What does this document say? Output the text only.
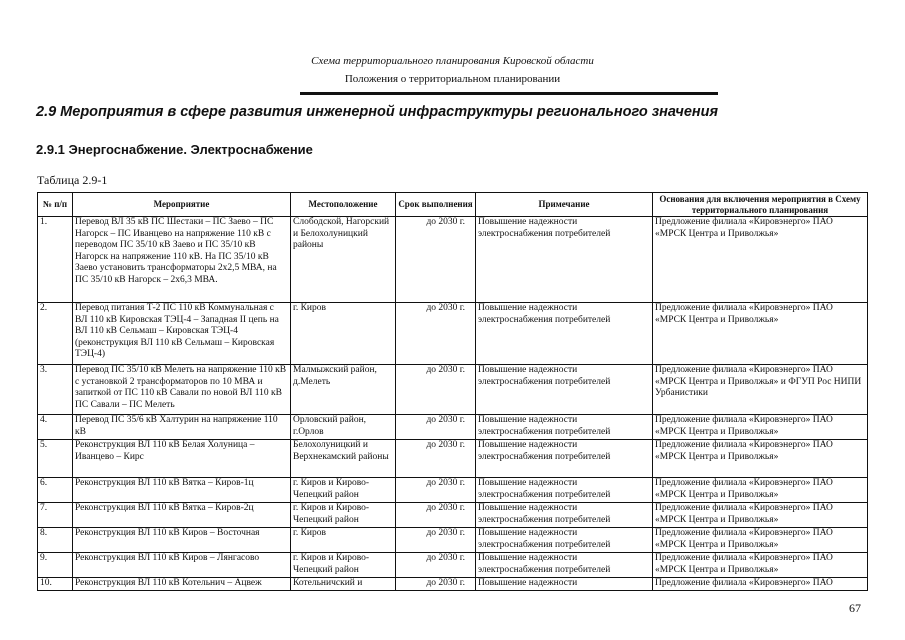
Схема территориального планирования Кировской области
Положения о территориальном планировании
2.9 Мероприятия в сфере развития инженерной инфраструктуры регионального значения
2.9.1 Энергоснабжение. Электроснабжение
Таблица 2.9-1
№ п/п	Мероприятие	Местоположение	Срок выполнения	Примечание	Основания для включения мероприятия в Схему территориального планирования
1.	Перевод ВЛ 35 кВ ПС Шестаки – ПС Заево – ПС Нагорск – ПС Иванцево на напряжение 110 кВ с переводом ПС 35/10 кВ Заево и ПС 35/10 кВ Нагорск на напряжение 110 кВ. На ПС 35/10 кВ Заево установить трансформаторы 2х2,5 МВА, на ПС 35/10 кВ Нагорск – 2х6,3 МВА.	Слободской, Нагорский и Белохолуницкий районы	до 2030 г.	Повышение надежности электроснабжения потребителей	Предложение филиала «Кировэнерго» ПАО «МРСК Центра и Приволжья»
2.	Перевод питания Т-2 ПС 110 кВ Коммунальная с ВЛ 110 кВ Кировская ТЭЦ-4 – Западная II цепь на ВЛ 110 кВ Сельмаш – Кировская ТЭЦ-4 (реконструкция ВЛ 110 кВ Сельмаш – Кировская ТЭЦ-4)	г. Киров	до 2030 г.	Повышение надежности электроснабжения потребителей	Предложение филиала «Кировэнерго» ПАО «МРСК Центра и Приволжья»
3.	Перевод ПС 35/10 кВ Мелеть на напряжение 110 кВ с установкой 2 трансформаторов по 10 МВА и запиткой от ПС 110 кВ Савали по новой ВЛ 110 кВ ПС Савали – ПС Мелеть	Малмыжский район, д.Мелеть	до 2030 г.	Повышение надежности электроснабжения потребителей	Предложение филиала «Кировэнерго» ПАО «МРСК Центра и Приволжья» и ФГУП Рос НИПИ Урбанистики
4.	Перевод ПС 35/6 кВ Халтурин на напряжение 110 кВ	Орловский район, г.Орлов	до 2030 г.	Повышение надежности электроснабжения потребителей	Предложение филиала «Кировэнерго» ПАО «МРСК Центра и Приволжья»
5.	Реконструкция ВЛ 110 кВ Белая Холуница – Иванцево – Кирс	Белохолуницкий и Верхнекамский районы	до 2030 г.	Повышение надежности электроснабжения потребителей	Предложение филиала «Кировэнерго» ПАО «МРСК Центра и Приволжья»
6.	Реконструкция ВЛ 110 кВ Вятка – Киров-1ц	г. Киров и Кирово-Чепецкий район	до 2030 г.	Повышение надежности электроснабжения потребителей	Предложение филиала «Кировэнерго» ПАО «МРСК Центра и Приволжья»
7.	Реконструкция ВЛ 110 кВ Вятка – Киров-2ц	г. Киров и Кирово-Чепецкий район	до 2030 г.	Повышение надежности электроснабжения потребителей	Предложение филиала «Кировэнерго» ПАО «МРСК Центра и Приволжья»
8.	Реконструкция ВЛ 110 кВ Киров – Восточная	г. Киров	до 2030 г.	Повышение надежности электроснабжения потребителей	Предложение филиала «Кировэнерго» ПАО «МРСК Центра и Приволжья»
9.	Реконструкция ВЛ 110 кВ Киров – Лянгасово	г. Киров и Кирово-Чепецкий район	до 2030 г.	Повышение надежности электроснабжения потребителей	Предложение филиала «Кировэнерго» ПАО «МРСК Центра и Приволжья»
10.	Реконструкция ВЛ 110 кВ Котельнич – Ацвеж	Котельничский и	до 2030 г.	Повышение надежности	Предложение филиала «Кировэнерго» ПАО
67
